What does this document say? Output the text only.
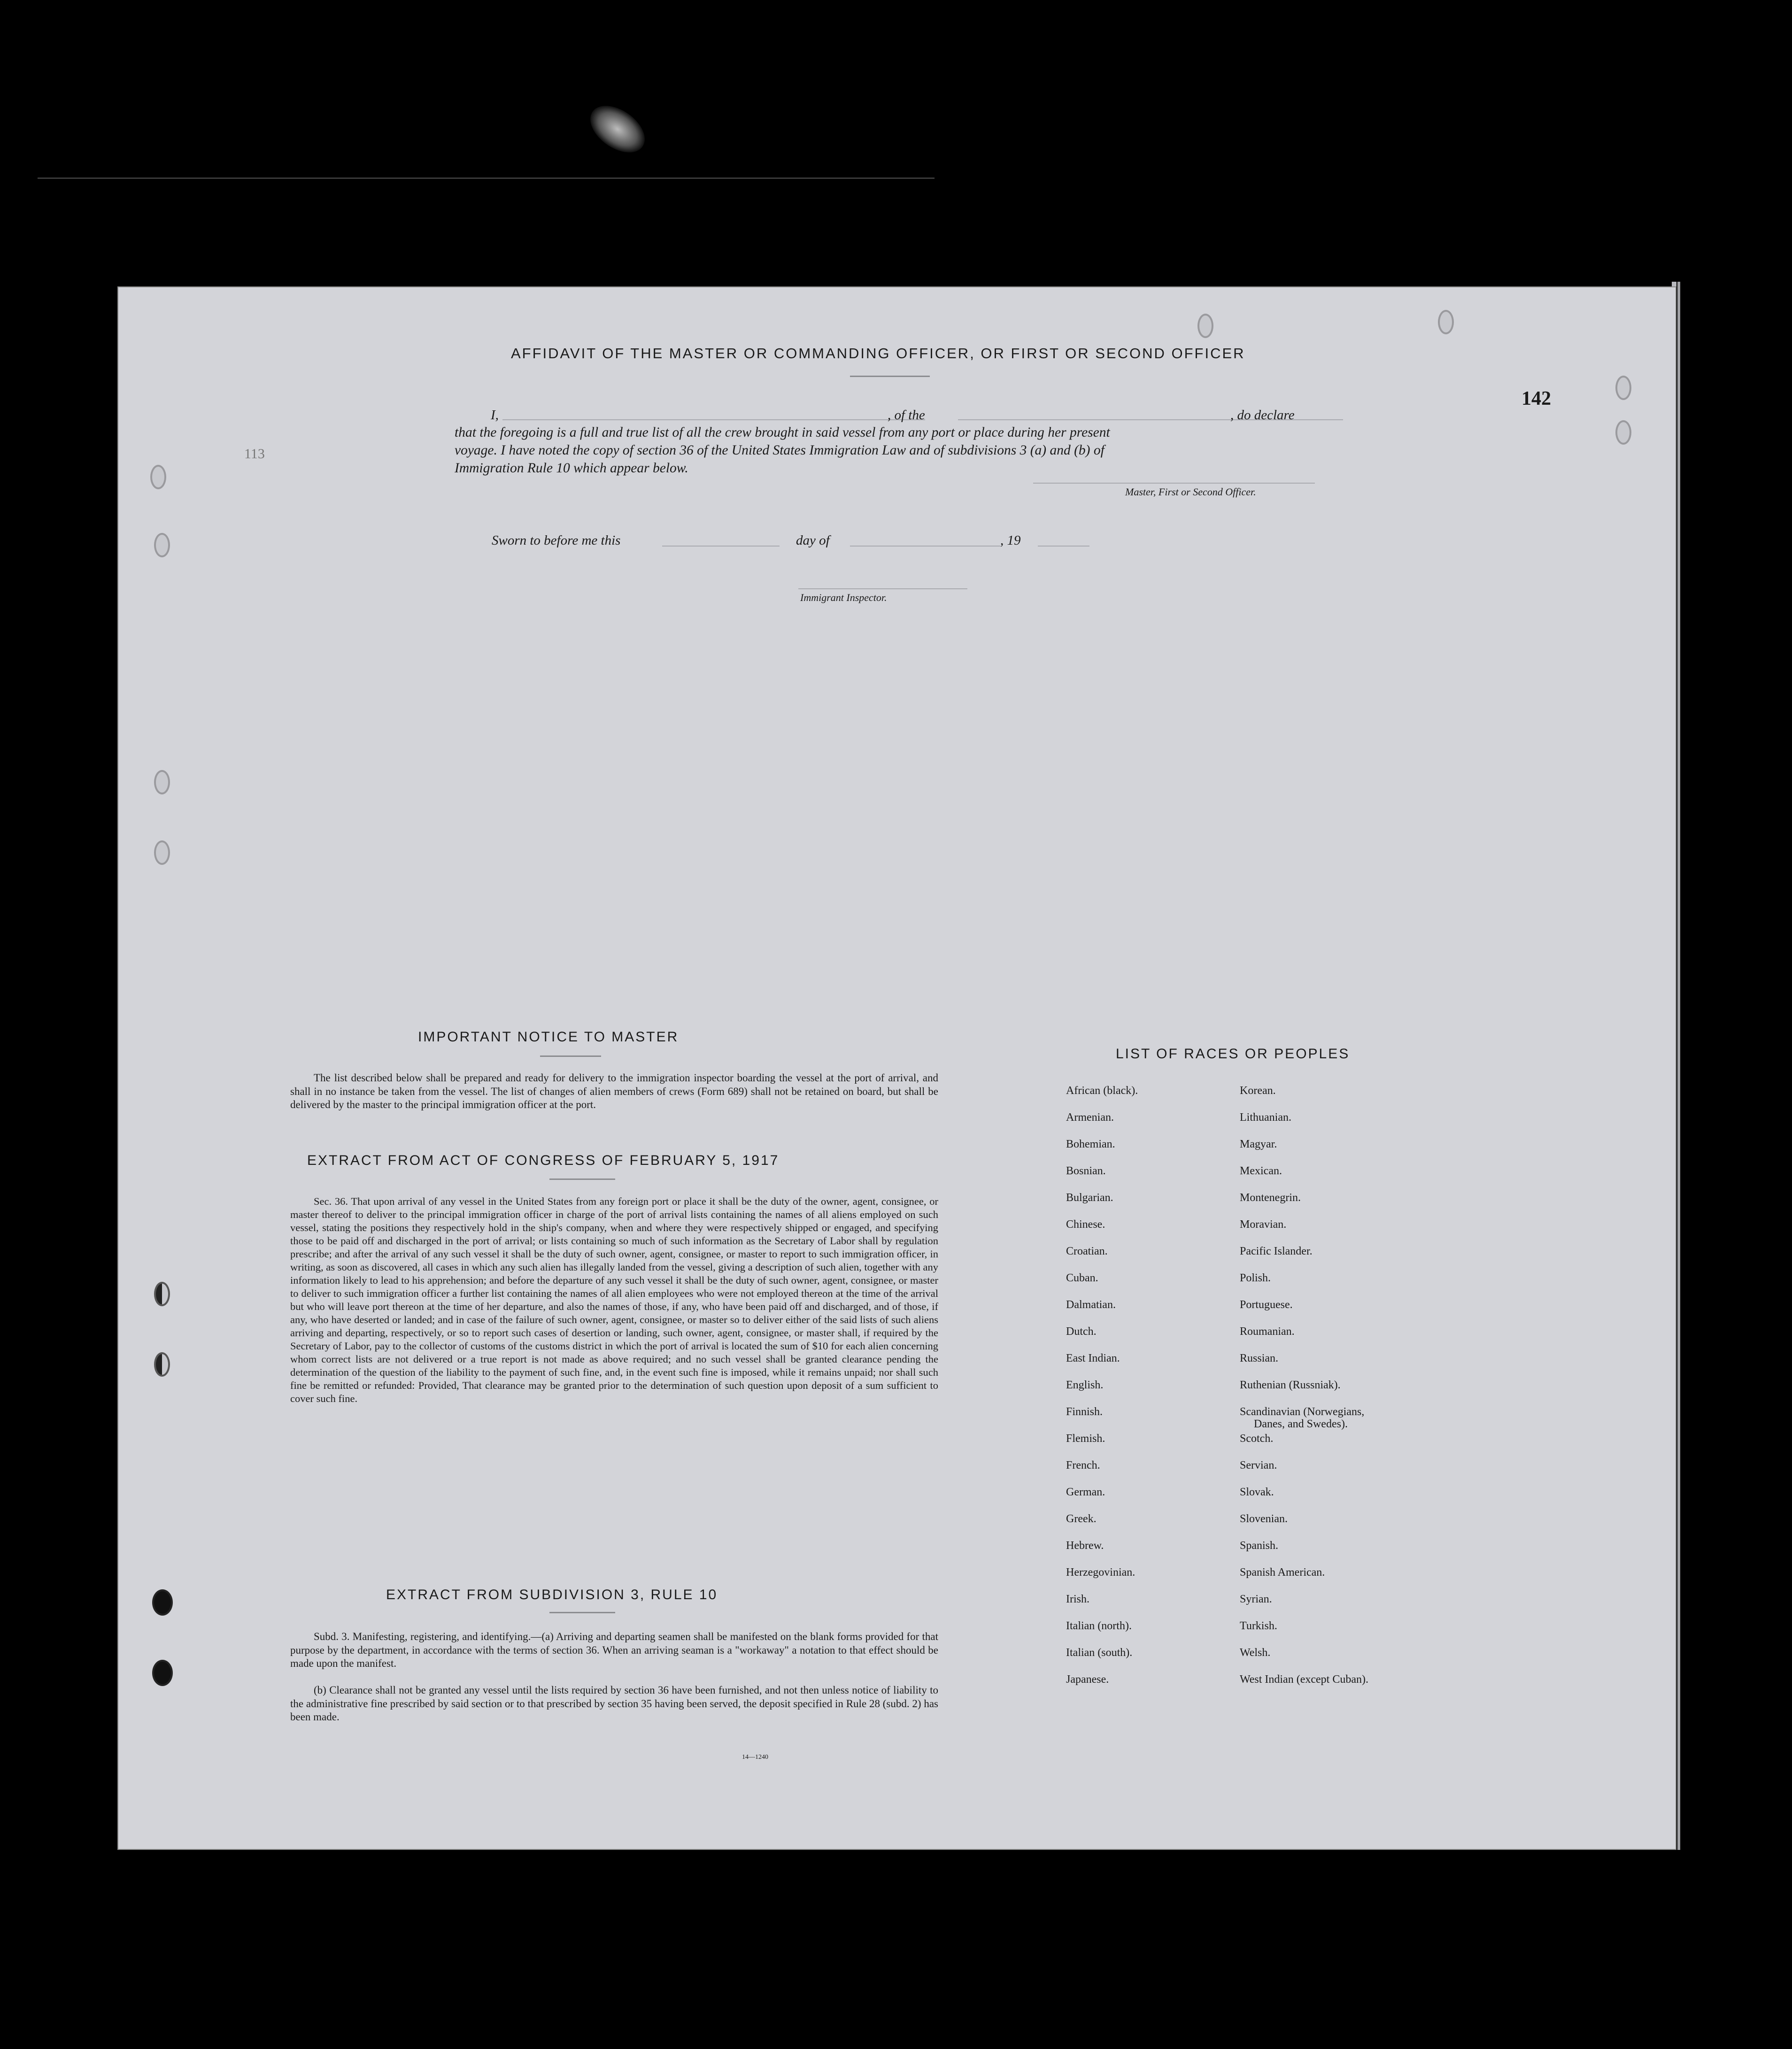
113
142
AFFIDAVIT OF THE MASTER OR COMMANDING OFFICER, OR FIRST OR SECOND OFFICER
I,	, of the	, do declare
that the foregoing is a full and true list of all the crew brought in said vessel from any port or place during her present
voyage. I have noted the copy of section 36 of the United States Immigration Law and of subdivisions 3 (a) and (b) of
Immigration Rule 10 which appear below.
Master, First or Second Officer.
Sworn to before me this	day of	, 19
Immigrant Inspector.
IMPORTANT NOTICE TO MASTER
The list described below shall be prepared and ready for delivery to the immigration inspector boarding the vessel at the port of arrival, and shall in no instance be taken from the vessel. The list of changes of alien members of crews (Form 689) shall not be retained on board, but shall be delivered by the master to the principal immigration officer at the port.
EXTRACT FROM ACT OF CONGRESS OF FEBRUARY 5, 1917
Sec. 36. That upon arrival of any vessel in the United States from any foreign port or place it shall be the duty of the owner, agent, consignee, or master thereof to deliver to the principal immigration officer in charge of the port of arrival lists containing the names of all aliens employed on such vessel, stating the positions they respectively hold in the ship's company, when and where they were respectively shipped or engaged, and specifying those to be paid off and discharged in the port of arrival; or lists containing so much of such information as the Secretary of Labor shall by regulation prescribe; and after the arrival of any such vessel it shall be the duty of such owner, agent, consignee, or master to report to such immigration officer, in writing, as soon as discovered, all cases in which any such alien has illegally landed from the vessel, giving a description of such alien, together with any information likely to lead to his apprehension; and before the departure of any such vessel it shall be the duty of such owner, agent, consignee, or master to deliver to such immigration officer a further list containing the names of all alien employees who were not employed thereon at the time of the arrival but who will leave port thereon at the time of her departure, and also the names of those, if any, who have been paid off and discharged, and of those, if any, who have deserted or landed; and in case of the failure of such owner, agent, consignee, or master so to deliver either of the said lists of such aliens arriving and departing, respectively, or so to report such cases of desertion or landing, such owner, agent, consignee, or master shall, if required by the Secretary of Labor, pay to the collector of customs of the customs district in which the port of arrival is located the sum of $10 for each alien concerning whom correct lists are not delivered or a true report is not made as above required; and no such vessel shall be granted clearance pending the determination of the question of the liability to the payment of such fine, and, in the event such fine is imposed, while it remains unpaid; nor shall such fine be remitted or refunded: Provided, That clearance may be granted prior to the determination of such question upon deposit of a sum sufficient to cover such fine.
EXTRACT FROM SUBDIVISION 3, RULE 10
Subd. 3. Manifesting, registering, and identifying.—(a) Arriving and departing seamen shall be manifested on the blank forms provided for that purpose by the department, in accordance with the terms of section 36. When an arriving seaman is a "workaway" a notation to that effect should be made upon the manifest.
(b) Clearance shall not be granted any vessel until the lists required by section 36 have been furnished, and not then unless notice of liability to the administrative fine prescribed by said section or to that prescribed by section 35 having been served, the deposit specified in Rule 28 (subd. 2) has been made.
14—1240
LIST OF RACES OR PEOPLES
African (black).
Armenian.
Bohemian.
Bosnian.
Bulgarian.
Chinese.
Croatian.
Cuban.
Dalmatian.
Dutch.
East Indian.
English.
Finnish.
Flemish.
French.
German.
Greek.
Hebrew.
Herzegovinian.
Irish.
Italian (north).
Italian (south).
Japanese.
Korean.
Lithuanian.
Magyar.
Mexican.
Montenegrin.
Moravian.
Pacific Islander.
Polish.
Portuguese.
Roumanian.
Russian.
Ruthenian (Russniak).
Scandinavian (Norwegians,
Danes, and Swedes).
Scotch.
Servian.
Slovak.
Slovenian.
Spanish.
Spanish American.
Syrian.
Turkish.
Welsh.
West Indian (except Cuban).
